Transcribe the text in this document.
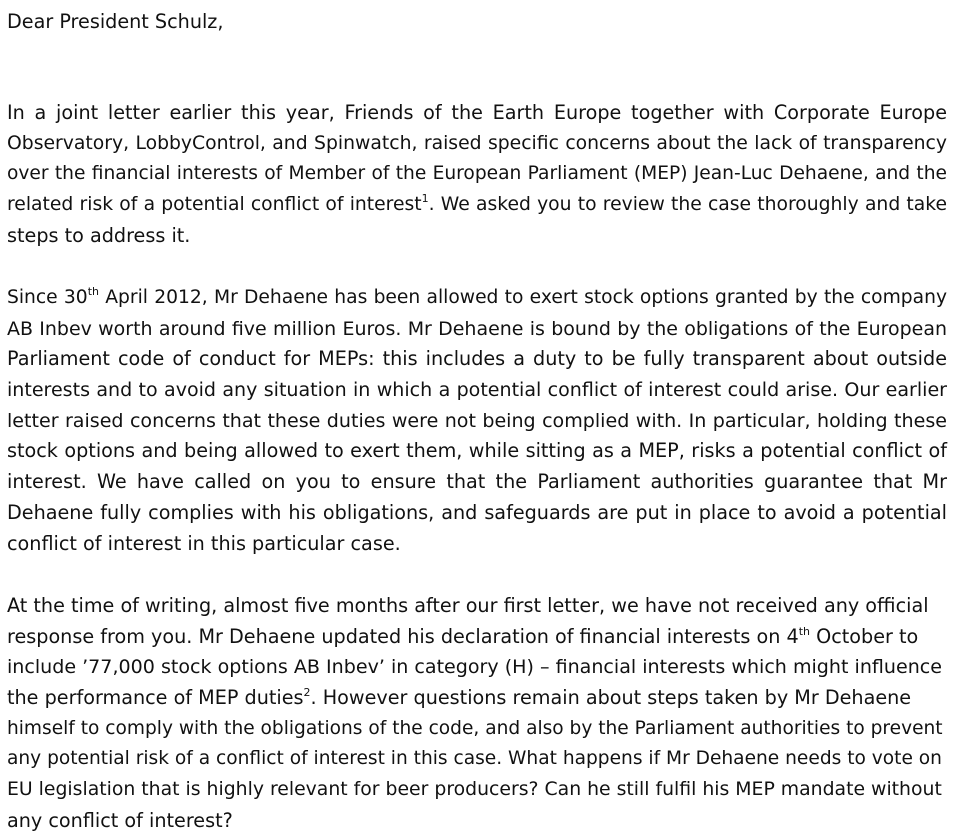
Dear President Schulz,

In a joint letter earlier this year, Friends of the Earth Europe together with Corporate Europe
Observatory, LobbyControl, and Spinwatch, raised specific concerns about the lack of transparency
over the financial interests of Member of the European Parliament (MEP) Jean-Luc Dehaene, and the
related risk of a potential conflict of interest$^1$. We asked you to review the case thoroughly and take
steps to address it.
Since 30th April 2012, Mr Dehaene has been allowed to exert stock options granted by the company
AB Inbev worth around five million Euros. Mr Dehaene is bound by the obligations of the European
Parliament code of conduct for MEPs: this includes a duty to be fully transparent about outside
interests and to avoid any situation in which a potential conflict of interest could arise. Our earlier
letter raised concerns that these duties were not being complied with. In particular, holding these
stock options and being allowed to exert them, while sitting as a MEP, risks a potential conflict of
interest. We have called on you to ensure that the Parliament authorities guarantee that Mr
Dehaene fully complies with his obligations, and safeguards are put in place to avoid a potential
conflict of interest in this particular case.
At the time of writing, almost five months after our first letter, we have not received any official
response from you. Mr Dehaene updated his declaration of financial interests on 4th October to
include ’77,000 stock options AB Inbev’ in category (H) – financial interests which might influence
the performance of MEP duties$^2$. However questions remain about steps taken by Mr Dehaene
himself to comply with the obligations of the code, and also by the Parliament authorities to prevent
any potential risk of a conflict of interest in this case. What happens if Mr Dehaene needs to vote on
EU legislation that is highly relevant for beer producers? Can he still fulfil his MEP mandate without
any conflict of interest?
